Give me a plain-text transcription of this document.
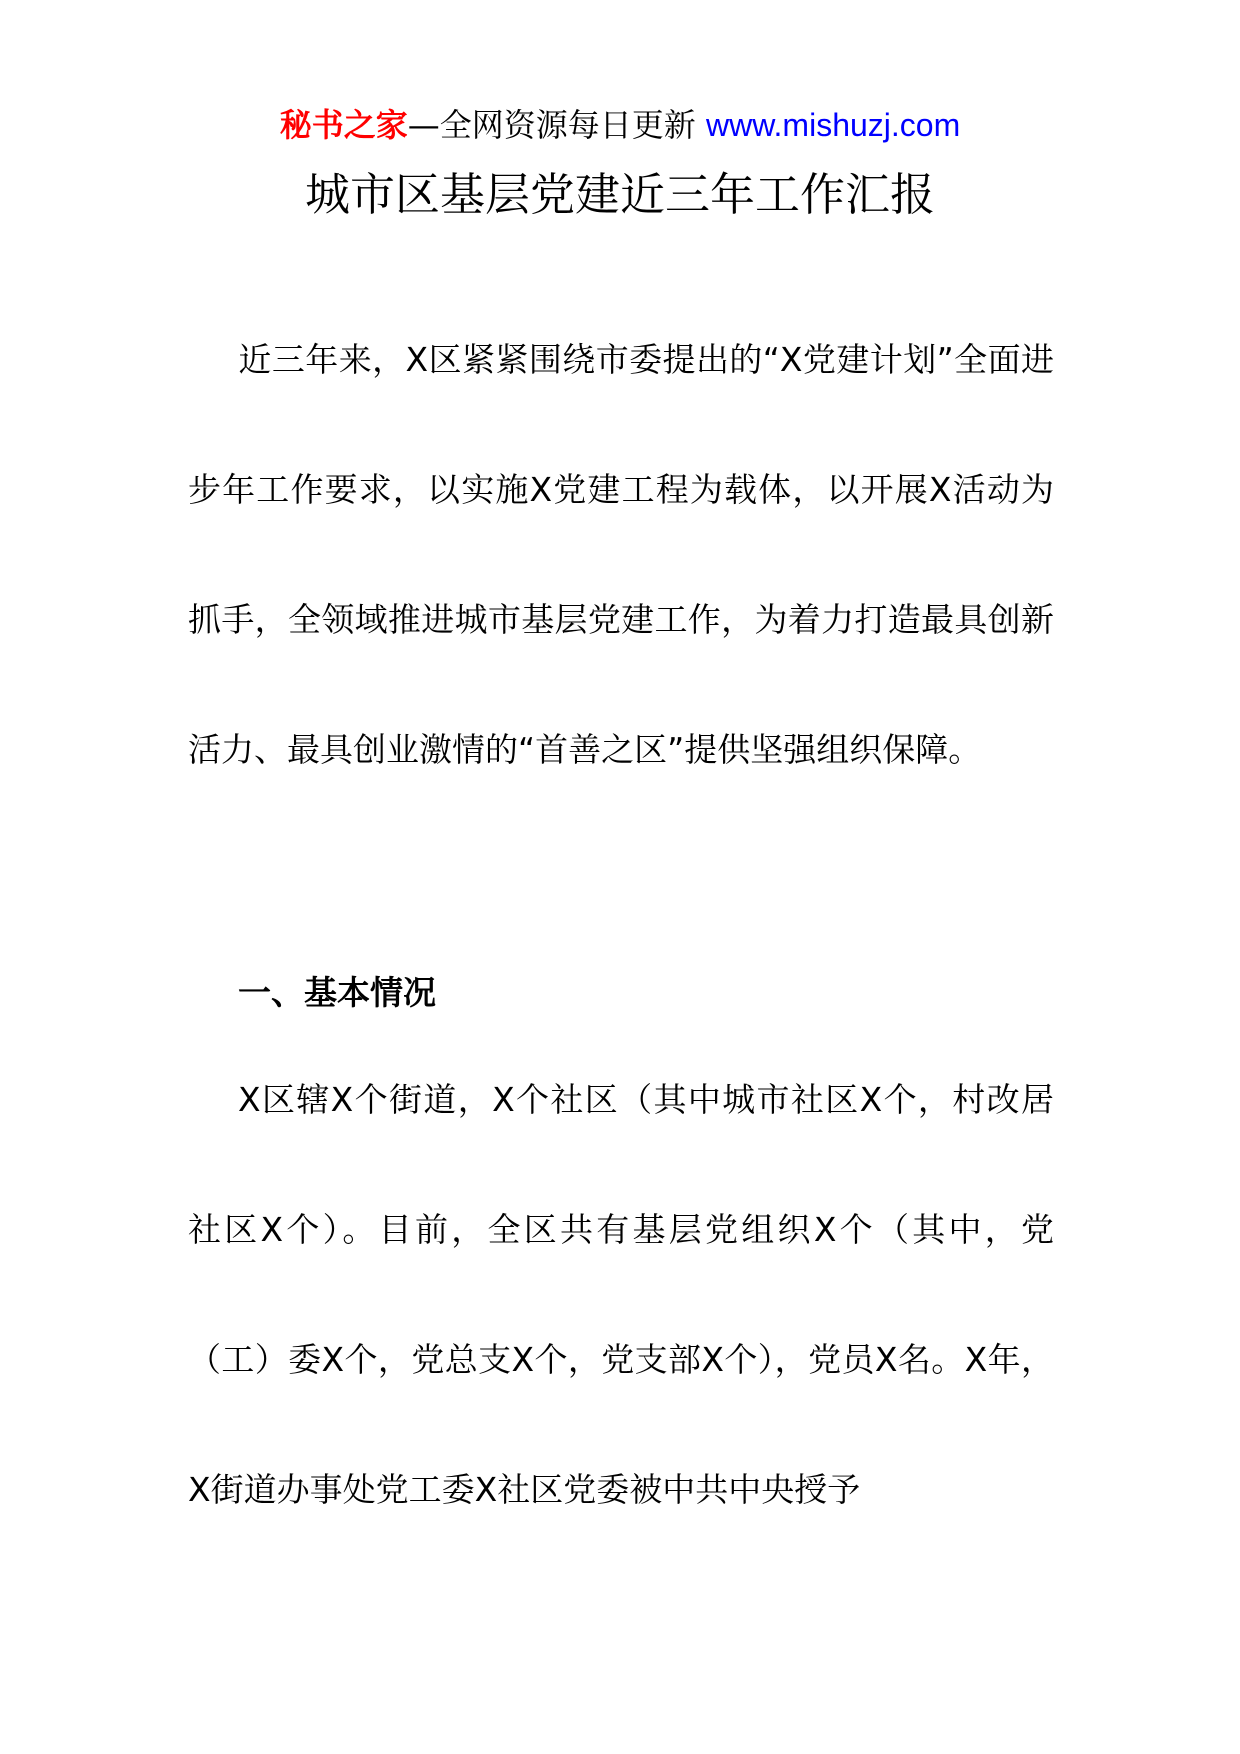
秘书之家—全网资源每日更新 www.mishuzj.com
城市区基层党建近三年工作汇报

近三年来，X区紧紧围绕市委提出的“X党建计划”全面进步年工作要求，以实施X党建工程为载体，以开展X活动为抓手，全领域推进城市基层党建工作，为着力打造最具创新活力、最具创业激情的“首善之区”提供坚强组织保障。

一、基本情况

X区辖X个街道，X个社区（其中城市社区X个，村改居社区X个）。目前，全区共有基层党组织X个（其中，党（工）委X个，党总支X个，党支部X个），党员X名。X年，X街道办事处党工委X社区党委被中共中央授予
